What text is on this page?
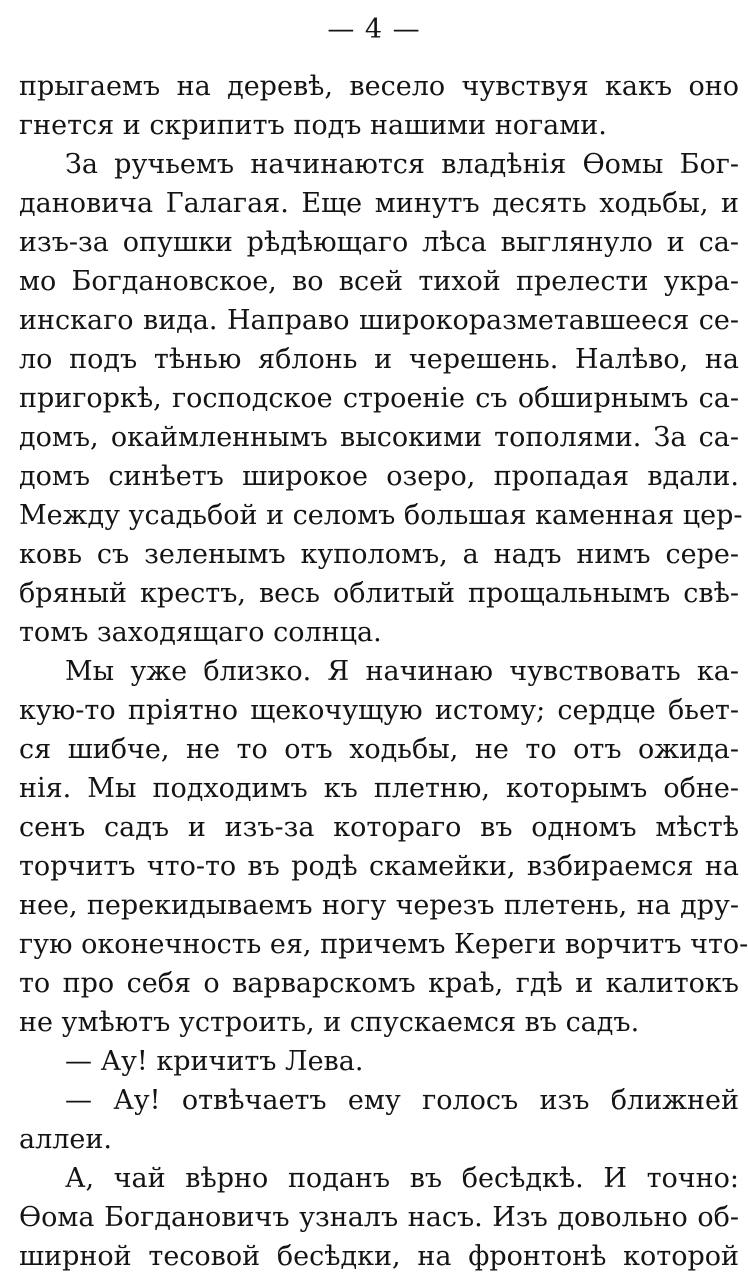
— 4 —
прыгаемъ на деревѣ, весело чувствуя какъ оно
гнется и скрипитъ подъ нашими ногами.
За ручьемъ начинаются владѣнія Ѳомы Бог-
дановича Галагая. Еще минутъ десять ходьбы, и
изъ-за опушки рѣдѣющаго лѣса выглянуло и са-
мо Богдановское, во всей тихой прелести укра-
инскаго вида. Направо широкоразметавшееся се-
ло подъ тѣнью яблонь и черешень. Налѣво, на
пригоркѣ, господское строеніе съ обширнымъ са-
домъ, окаймленнымъ высокими тополями. За са-
домъ синѣетъ широкое озеро, пропадая вдали.
Между усадьбой и селомъ большая каменная цер-
ковь съ зеленымъ куполомъ, а надъ нимъ сере-
бряный крестъ, весь облитый прощальнымъ свѣ-
томъ заходящаго солнца.
Мы уже близко. Я начинаю чувствовать ка-
кую-то пріятно щекочущую истому; сердце бьет-
ся шибче, не то отъ ходьбы, не то отъ ожида-
нія. Мы подходимъ къ плетню, которымъ обне-
сенъ садъ и изъ-за котораго въ одномъ мѣстѣ
торчитъ что-то въ родѣ скамейки, взбираемся на
нее, перекидываемъ ногу черезъ плетень, на дру-
гую оконечность ея, причемъ Кереги ворчитъ что-
то про себя о варварскомъ краѣ, гдѣ и калитокъ
не умѣютъ устроить, и спускаемся въ садъ.
— Ау! кричитъ Лева.
— Ау! отвѣчаетъ ему голосъ изъ ближней
аллеи.
А, чай вѣрно поданъ въ бесѣдкѣ. И точно:
Ѳома Богдановичъ узналъ насъ. Изъ довольно об-
ширной тесовой бесѣдки, на фронтонѣ которой
